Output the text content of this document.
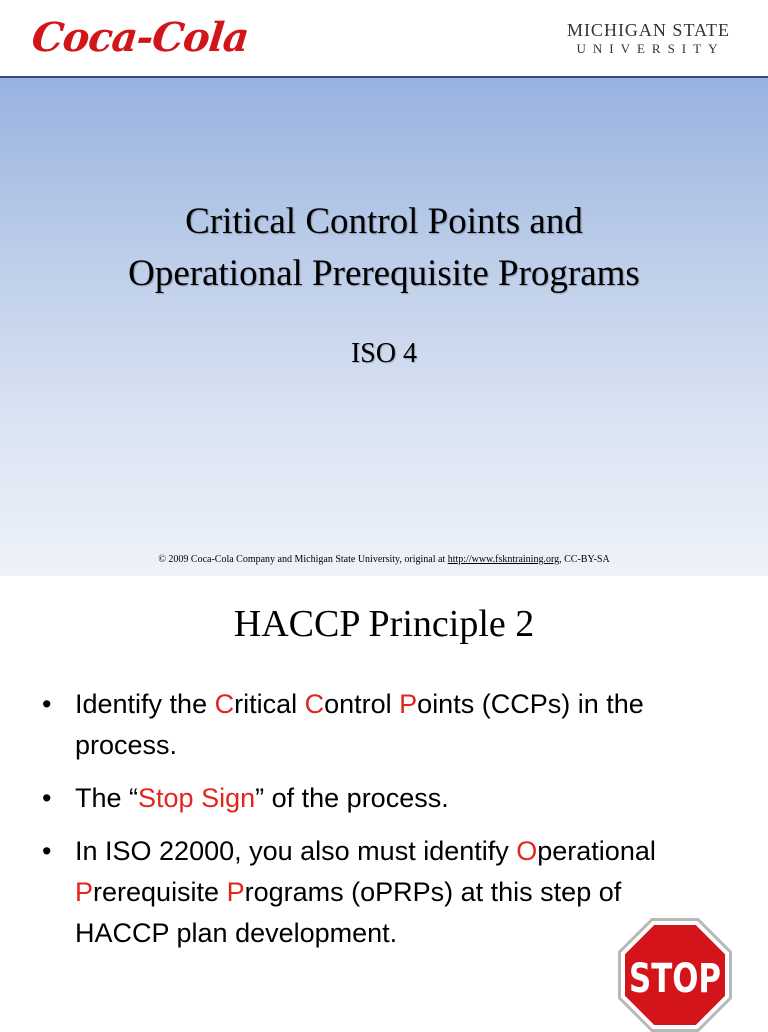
Coca-Cola	MICHIGAN STATE
UNIVERSITY
Critical Control Points and
Operational Prerequisite Programs
ISO 4
© 2009 Coca-Cola Company and Michigan State University, original at http://www.fskntraining.org, CC-BY-SA
HACCP Principle 2
• Identify the Critical Control Points (CCPs) in the process.
• The “Stop Sign” of the process.
• In ISO 22000, you also must identify Operational Prerequisite Programs (oPRPs) at this step of HACCP plan development.
STOP
